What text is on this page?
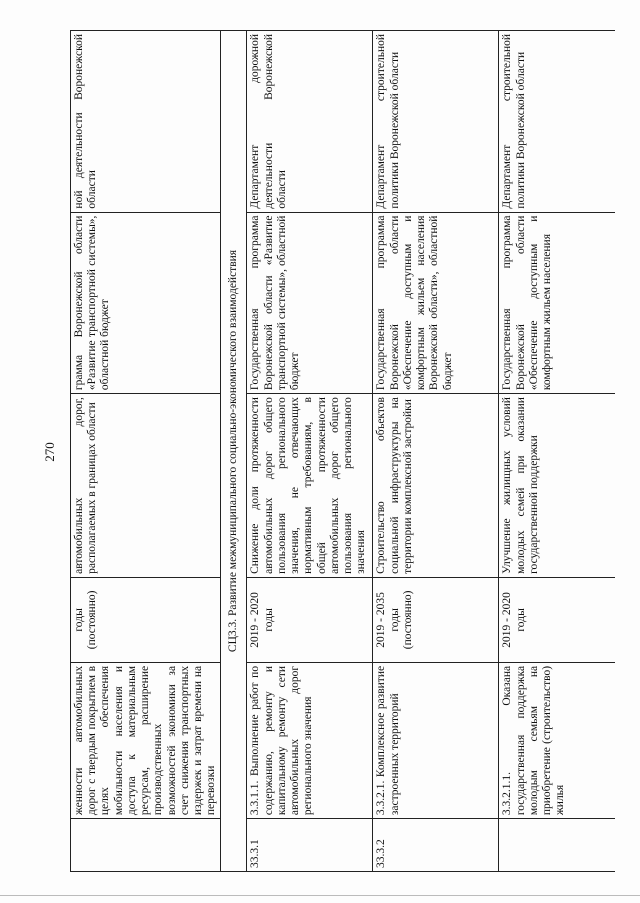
270
	женности автомобильных дорог с твердым покрытием в целях обеспечения мобильности населения и доступа к материальным ресурсам, расширение производственных возможностей экономики за счет снижения транспортных издержек и затрат времени на перевозки	годы (постоянно)	автомобильных дорог, располагаемых в границах области	грамма Воронежской области «Развитие транспортной системы», областной бюджет	ной деятельности Воронежской области
СЦ3.3. Развитие межмуниципального социально-экономического взаимодействия					
33.3.1	3.3.1.1. Выполнение работ по содержанию, ремонту и капитальному ремонту сети автомобильных дорог регионального значения	2019 - 2020 годы	Снижение доли протяженности автомобильных дорог общего пользования регионального значения, не отвечающих нормативным требованиям, в общей протяженности автомобильных дорог общего пользования регионального значения	Государственная программа Воронежской области «Развитие транспортной системы», областной бюджет	Департамент дорожной деятельности Воронежской области
33.3.2	3.3.2.1. Комплексное развитие застроенных территорий	2019 - 2035 годы (постоянно)	Строительство объектов социальной инфраструктуры на территории комплексной застройки	Государственная программа Воронежской области «Обеспечение доступным и комфортным жильем населения Воронежской области», областной бюджет	Департамент строительной политики Воронежской области
	3.3.2.1.1. Оказана государственная поддержка молодым семьям на приобретение (строительство) жилья	2019 - 2020 годы	Улучшение жилищных условий молодых семей при оказании государственной поддержки	Государственная программа Воронежской области «Обеспечение доступным и комфортным жильем населения	Департамент строительной политики Воронежской области
